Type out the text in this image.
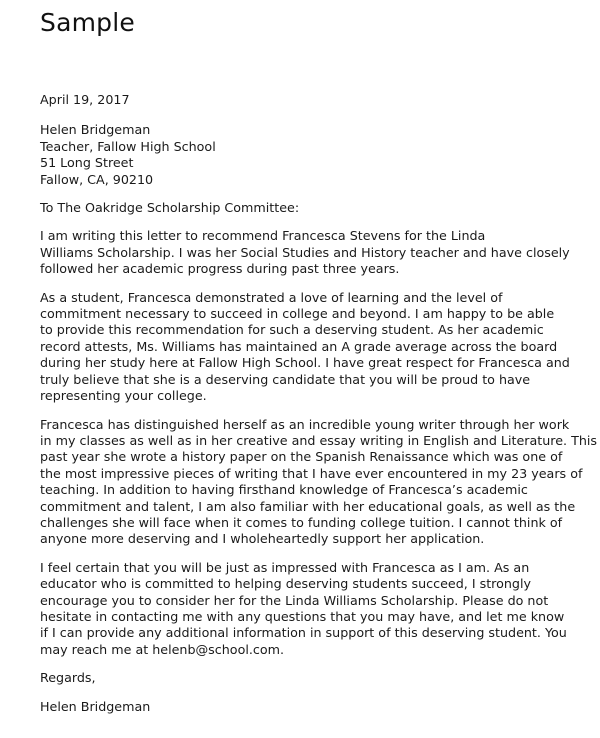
Sample

April 19, 2017

Helen Bridgeman
Teacher, Fallow High School
51 Long Street
Fallow, CA, 90210

To The Oakridge Scholarship Committee:

I am writing this letter to recommend Francesca Stevens for the Linda
Williams Scholarship. I was her Social Studies and History teacher and have closely
followed her academic progress during past three years.

As a student, Francesca demonstrated a love of learning and the level of
commitment necessary to succeed in college and beyond. I am happy to be able
to provide this recommendation for such a deserving student. As her academic
record attests, Ms. Williams has maintained an A grade average across the board
during her study here at Fallow High School. I have great respect for Francesca and
truly believe that she is a deserving candidate that you will be proud to have
representing your college.

Francesca has distinguished herself as an incredible young writer through her work
in my classes as well as in her creative and essay writing in English and Literature. This
past year she wrote a history paper on the Spanish Renaissance which was one of
the most impressive pieces of writing that I have ever encountered in my 23 years of
teaching. In addition to having firsthand knowledge of Francesca’s academic
commitment and talent, I am also familiar with her educational goals, as well as the
challenges she will face when it comes to funding college tuition. I cannot think of
anyone more deserving and I wholeheartedly support her application.

I feel certain that you will be just as impressed with Francesca as I am. As an
educator who is committed to helping deserving students succeed, I strongly
encourage you to consider her for the Linda Williams Scholarship. Please do not
hesitate in contacting me with any questions that you may have, and let me know
if I can provide any additional information in support of this deserving student. You
may reach me at helenb@school.com.

Regards,

Helen Bridgeman
